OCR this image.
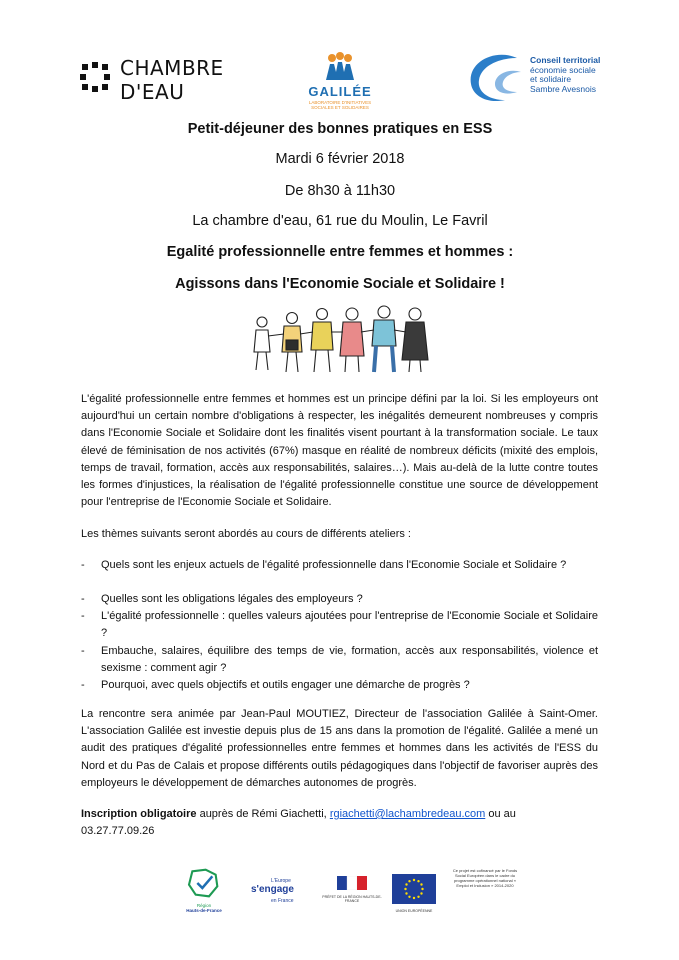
CHAMBRE
D'EAU	GALILÉE
LABORATOIRE D'INITIATIVES SOCIALES ET SOLIDAIRES
Conseil territorial
économie sociale
et solidaire
Sambre Avesnois
Petit-déjeuner des bonnes pratiques en ESS
Mardi 6 février 2018
De 8h30 à 11h30
La chambre d'eau, 61 rue du Moulin, Le Favril
Egalité professionnelle entre femmes et hommes :
Agissons dans l'Economie Sociale et Solidaire !
L'égalité professionnelle entre femmes et hommes est un principe défini par la loi. Si les employeurs ont aujourd'hui un certain nombre d'obligations à respecter, les inégalités demeurent nombreuses y compris dans l'Economie Sociale et Solidaire dont les finalités visent pourtant à la transformation sociale. Le taux élevé de féminisation de nos activités (67%) masque en réalité de nombreux déficits (mixité des emplois, temps de travail, formation, accès aux responsabilités, salaires…). Mais au-delà de la lutte contre toutes les formes d'injustices, la réalisation de l'égalité professionnelle constitue une source de développement pour l'entreprise de l'Economie Sociale et Solidaire.
Les thèmes suivants seront abordés au cours de différents ateliers :
- Quels sont les enjeux actuels de l'égalité professionnelle dans l'Economie Sociale et Solidaire ?
- Quelles sont les obligations légales des employeurs ?
- L'égalité professionnelle : quelles valeurs ajoutées pour l'entreprise de l'Economie Sociale et Solidaire ?
- Embauche, salaires, équilibre des temps de vie, formation, accès aux responsabilités, violence et sexisme : comment agir ?
- Pourquoi, avec quels objectifs et outils engager une démarche de progrès ?
La rencontre sera animée par Jean-Paul MOUTIEZ, Directeur de l'association Galilée à Saint-Omer. L'association Galilée est investie depuis plus de 15 ans dans la promotion de l'égalité. Galilée a mené un audit des pratiques d'égalité professionnelles entre femmes et hommes dans les activités de l'ESS du Nord et du Pas de Calais et propose différents outils pédagogiques dans l'objectif de favoriser auprès des employeurs le développement de démarches autonomes de progrès.
Inscription obligatoire auprès de Rémi Giachetti, rgiachetti@lachambredeau.com ou au
03.27.77.09.26
Région
Hauts-de-France
L'Europe
s'engage
en France
PRÉFET DE LA RÉGION HAUTS-DE-FRANCE
UNION EUROPÉENNE
Ce projet est cofinancé par le Fonds Social Européen dans le cadre du programme opérationnel national « Emploi et Inclusion » 2014-2020
